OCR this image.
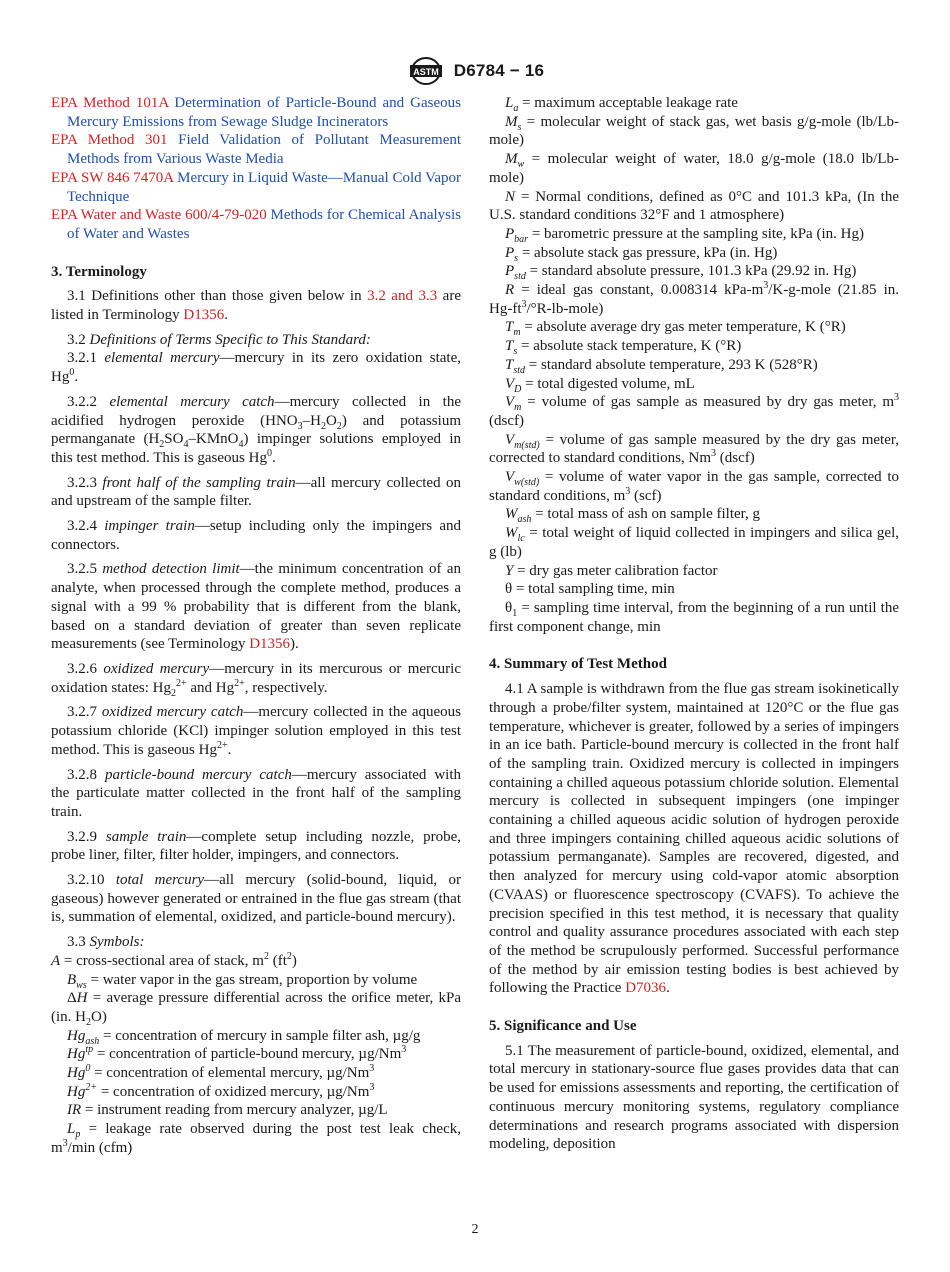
ASTM D6784 − 16

EPA Method 101A Determination of Particle-Bound and Gaseous Mercury Emissions from Sewage Sludge Incinerators

EPA Method 301 Field Validation of Pollutant Measurement Methods from Various Waste Media

EPA SW 846 7470A Mercury in Liquid Waste—Manual Cold Vapor Technique

EPA Water and Waste 600/4-79-020 Methods for Chemical Analysis of Water and Wastes

3. Terminology

3.1 Definitions other than those given below in 3.2 and 3.3 are listed in Terminology D1356.

3.2 Definitions of Terms Specific to This Standard:

3.2.1 elemental mercury—mercury in its zero oxidation state, Hg$^0$.

3.2.2 elemental mercury catch—mercury collected in the acidified hydrogen peroxide $(HNO_3-H_2O_2)$ and potassium permanganate $(H_2SO_4-KMnO_4)$ impinger solutions employed in this test method. This is gaseous Hg$^0$.

3.2.3 front half of the sampling train—all mercury collected on and upstream of the sample filter.

3.2.4 impinger train—setup including only the impingers and connectors.

3.2.5 method detection limit—the minimum concentration of an analyte, when processed through the complete method, produces a signal with a 99 % probability that is different from the blank, based on a standard deviation of greater than seven replicate measurements (see Terminology D1356).

3.2.6 oxidized mercury—mercury in its mercurous or mercuric oxidation states: $Hg_2^{2+}$ and $Hg^{2+}$, respectively.

3.2.7 oxidized mercury catch—mercury collected in the aqueous potassium chloride (KCl) impinger solution employed in this test method. This is gaseous $Hg^{2+}$.

3.2.8 particle-bound mercury catch—mercury associated with the particulate matter collected in the front half of the sampling train.

3.2.9 sample train—complete setup including nozzle, probe, probe liner, filter, filter holder, impingers, and connectors.

3.2.10 total mercury—all mercury (solid-bound, liquid, or gaseous) however generated or entrained in the flue gas stream (that is, summation of elemental, oxidized, and particle-bound mercury).

3.3 Symbols:

A = cross-sectional area of stack, $m^2$ $(ft^2)$

$B_{ws}$ = water vapor in the gas stream, proportion by volume

ΔH = average pressure differential across the orifice meter, kPa (in. $H_2O$)

$Hg_{ash}$ = concentration of mercury in sample filter ash, µg/g

$Hg^{tp}$ = concentration of particle-bound mercury, µg/Nm$^3$

$Hg^0$ = concentration of elemental mercury, µg/Nm$^3$

$Hg^{2+}$ = concentration of oxidized mercury, µg/Nm$^3$

IR = instrument reading from mercury analyzer, µg/L

$L_p$ = leakage rate observed during the post test leak check, $m^3/\min$ (cfm)

$L_a$ = maximum acceptable leakage rate

$M_s$ = molecular weight of stack gas, wet basis g/g-mole (lb/Lb-mole)

$M_w$ = molecular weight of water, 18.0 g/g-mole (18.0 lb/Lb-mole)

N = Normal conditions, defined as 0°C and 101.3 kPa, (In the U.S. standard conditions 32°F and 1 atmosphere)

$P_{bar}$ = barometric pressure at the sampling site, kPa (in. Hg)

$P_s$ = absolute stack gas pressure, kPa (in. Hg)

$P_{std}$ = standard absolute pressure, 101.3 kPa (29.92 in. Hg)

R = ideal gas constant, 0.008314 kPa-$m^3/K-g$-mole (21.85 in. $Hg-ft^3/^\circ R-lb-mole$)

$T_m$ = absolute average dry gas meter temperature, K (°R)

$T_s$ = absolute stack temperature, K (°R)

$T_{std}$ = standard absolute temperature, 293 K (528°R)

$V_D$ = total digested volume, mL

$V_m$ = volume of gas sample as measured by dry gas meter, $m^3$ (dscf)

$V_{m(std)}$ = volume of gas sample measured by the dry gas meter, corrected to standard conditions, Nm$^3$ (dscf)

$V_{w(std)}$ = volume of water vapor in the gas sample, corrected to standard conditions, $m^3$ (scf)

$W_{ash}$ = total mass of ash on sample filter, g

$W_{lc}$ = total weight of liquid collected in impingers and silica gel, g (lb)

Y = dry gas meter calibration factor

θ = total sampling time, min

$\theta_1$ = sampling time interval, from the beginning of a run until the first component change, min

4. Summary of Test Method

4.1 A sample is withdrawn from the flue gas stream isokinetically through a probe/filter system, maintained at 120°C or the flue gas temperature, whichever is greater, followed by a series of impingers in an ice bath. Particle-bound mercury is collected in the front half of the sampling train. Oxidized mercury is collected in impingers containing a chilled aqueous potassium chloride solution. Elemental mercury is collected in subsequent impingers (one impinger containing a chilled aqueous acidic solution of hydrogen peroxide and three impingers containing chilled aqueous acidic solutions of potassium permanganate). Samples are recovered, digested, and then analyzed for mercury using cold-vapor atomic absorption (CVAAS) or fluorescence spectroscopy (CVAFS). To achieve the precision specified in this test method, it is necessary that quality control and quality assurance procedures associated with each step of the method be scrupulously performed. Successful performance of the method by air emission testing bodies is best achieved by following the Practice D7036.

5. Significance and Use

5.1 The measurement of particle-bound, oxidized, elemental, and total mercury in stationary-source flue gases provides data that can be used for emissions assessments and reporting, the certification of continuous mercury monitoring systems, regulatory compliance determinations and research programs associated with dispersion modeling, deposition

2
